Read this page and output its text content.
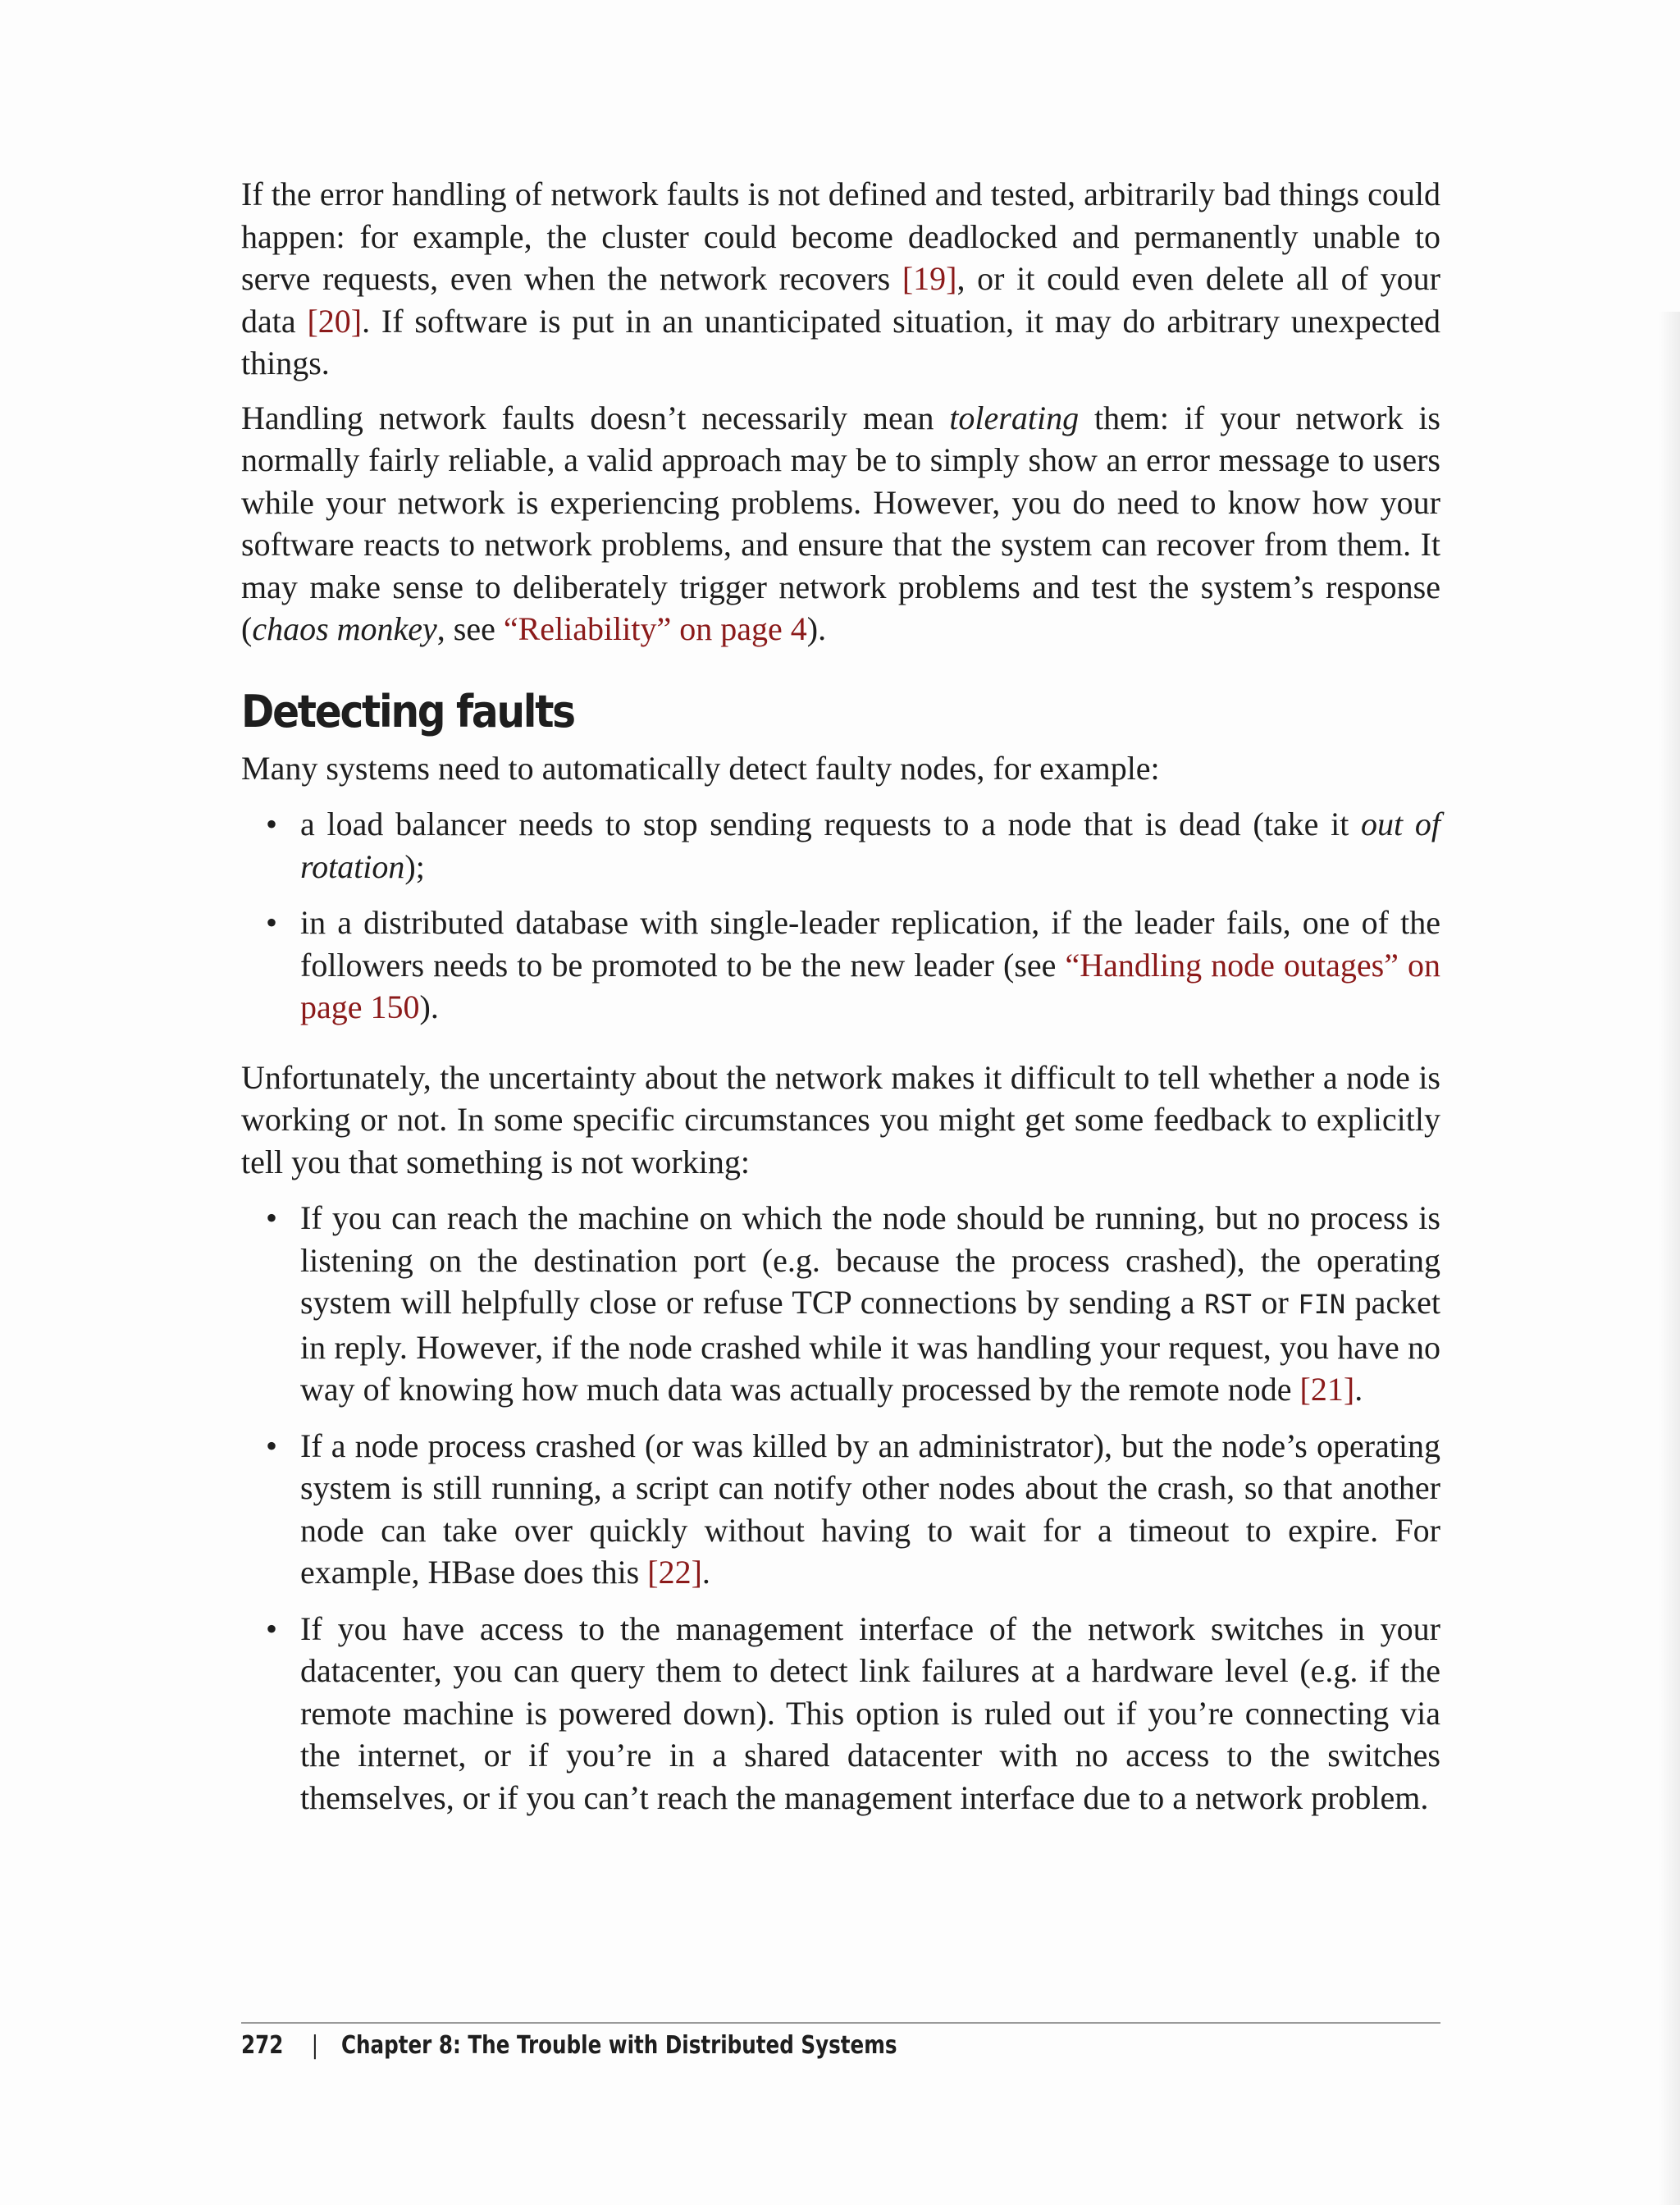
If the error handling of network faults is not defined and tested, arbitrarily bad things could happen: for example, the cluster could become deadlocked and permanently unable to serve requests, even when the network recovers [19], or it could even delete all of your data [20]. If software is put in an unanticipated situation, it may do arbitrary unexpected things.

Handling network faults doesn’t necessarily mean tolerating them: if your network is normally fairly reliable, a valid approach may be to simply show an error message to users while your network is experiencing problems. However, you do need to know how your software reacts to network problems, and ensure that the system can recover from them. It may make sense to deliberately trigger network problems and test the system’s response (chaos monkey, see “Reliability” on page 4).

Detecting faults

Many systems need to automatically detect faulty nodes, for example:

• a load balancer needs to stop sending requests to a node that is dead (take it out of rotation);
• in a distributed database with single-leader replication, if the leader fails, one of the followers needs to be promoted to be the new leader (see “Handling node outages” on page 150).

Unfortunately, the uncertainty about the network makes it difficult to tell whether a node is working or not. In some specific circumstances you might get some feedback to explicitly tell you that something is not working:

• If you can reach the machine on which the node should be running, but no process is listening on the destination port (e.g. because the process crashed), the operating system will helpfully close or refuse TCP connections by sending a RST or FIN packet in reply. However, if the node crashed while it was handling your request, you have no way of knowing how much data was actually processed by the remote node [21].
• If a node process crashed (or was killed by an administrator), but the node’s operating system is still running, a script can notify other nodes about the crash, so that another node can take over quickly without having to wait for a timeout to expire. For example, HBase does this [22].
• If you have access to the management interface of the network switches in your datacenter, you can query them to detect link failures at a hardware level (e.g. if the remote machine is powered down). This option is ruled out if you’re connecting via the internet, or if you’re in a shared datacenter with no access to the switches themselves, or if you can’t reach the management interface due to a network problem.
272 | Chapter 8: The Trouble with Distributed Systems
